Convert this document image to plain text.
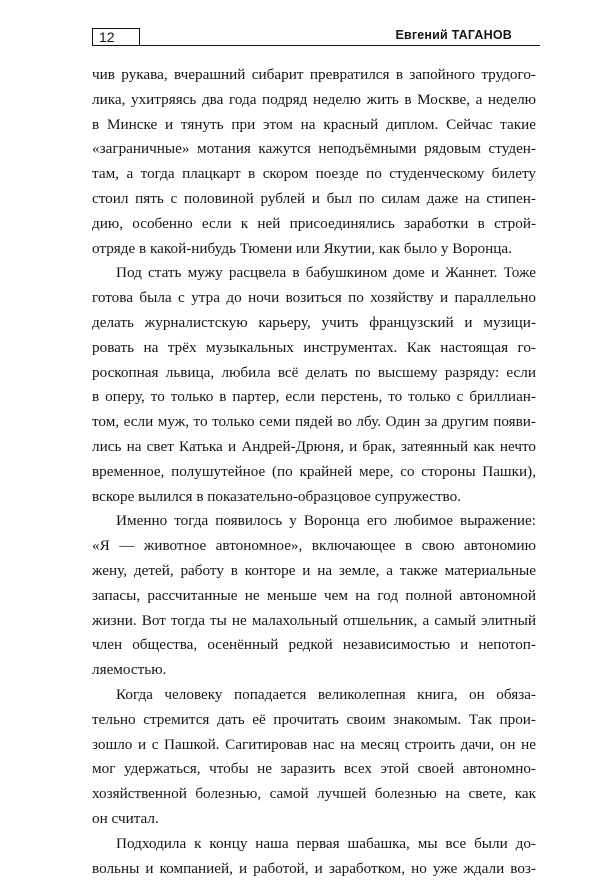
12	Евгений ТАГАНОВ
чив рукава, вчерашний сибарит превратился в запойного трудого-
лика, ухитряясь два года подряд неделю жить в Москве, а неделю
в Минске и тянуть при этом на красный диплом. Сейчас такие
«заграничные» мотания кажутся неподъёмными рядовым студен-
там, а тогда плацкарт в скором поезде по студенческому билету
стоил пять с половиной рублей и был по силам даже на стипен-
дию, особенно если к ней присоединялись заработки в строй-
отряде в какой-нибудь Тюмени или Якутии, как было у Воронца.
Под стать мужу расцвела в бабушкином доме и Жаннет. Тоже
готова была с утра до ночи возиться по хозяйству и параллельно
делать журналистскую карьеру, учить французский и музици-
ровать на трёх музыкальных инструментах. Как настоящая го-
роскопная львица, любила всё делать по высшему разряду: если
в оперу, то только в партер, если перстень, то только с бриллиан-
том, если муж, то только семи пядей во лбу. Один за другим появи-
лись на свет Катька и Андрей-Дрюня, и брак, затеянный как нечто
временное, полушутейное (по крайней мере, со стороны Пашки),
вскоре вылился в показательно-образцовое супружество.
Именно тогда появилось у Воронца его любимое выражение:
«Я — животное автономное», включающее в свою автономию
жену, детей, работу в конторе и на земле, а также материальные
запасы, рассчитанные не меньше чем на год полной автономной
жизни. Вот тогда ты не малахольный отшельник, а самый элитный
член общества, осенённый редкой независимостью и непотоп-
ляемостью.
Когда человеку попадается великолепная книга, он обяза-
тельно стремится дать её прочитать своим знакомым. Так прои-
зошло и с Пашкой. Сагитировав нас на месяц строить дачи, он не
мог удержаться, чтобы не заразить всех этой своей автономно-
хозяйственной болезнью, самой лучшей болезнью на свете, как
он считал.
Подходила к концу наша первая шабашка, мы все были до-
вольны и компанией, и работой, и заработком, но уже ждали воз-
